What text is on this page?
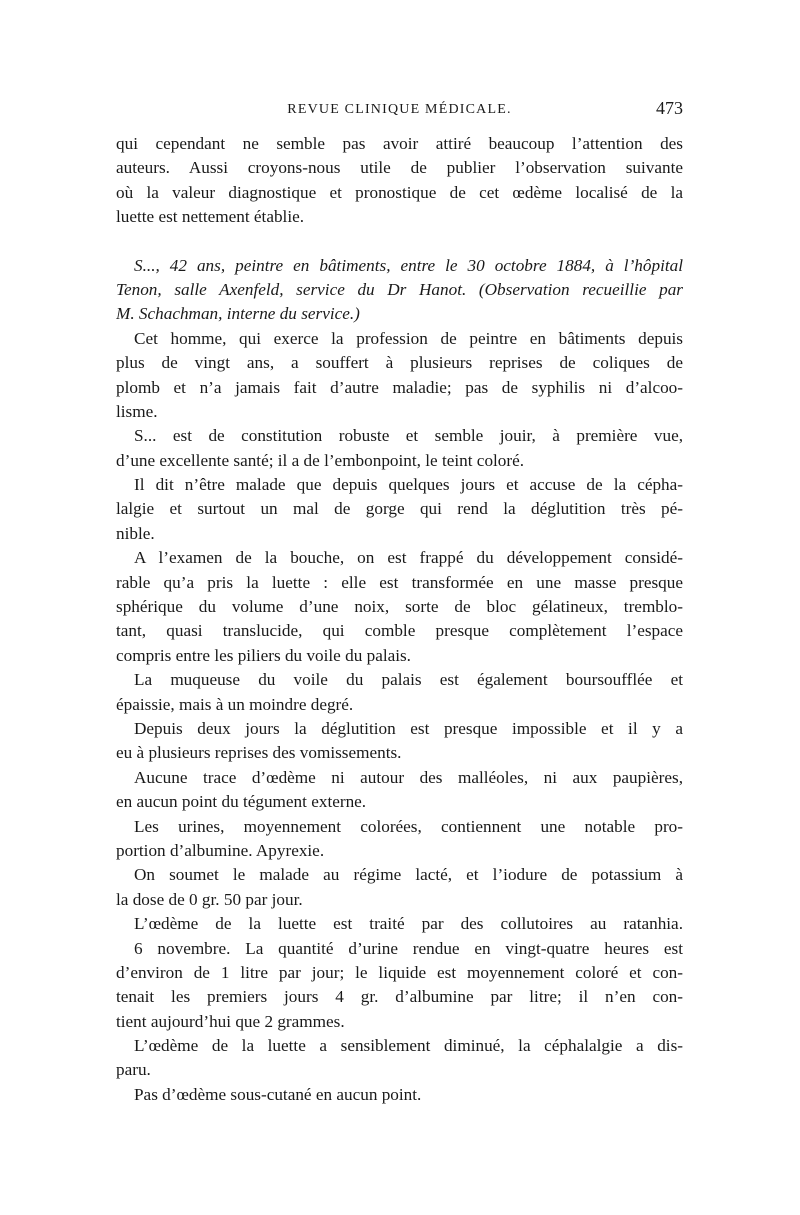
REVUE CLINIQUE MÉDICALE.	473
qui cependant ne semble pas avoir attiré beaucoup l’attention des
auteurs. Aussi croyons-nous utile de publier l’observation suivante
où la valeur diagnostique et pronostique de cet œdème localisé de la
luette est nettement établie.
S..., 42 ans, peintre en bâtiments, entre le 30 octobre 1884, à l’hôpital
Tenon, salle Axenfeld, service du Dr Hanot. (Observation recueillie par
M. Schachman, interne du service.)
Cet homme, qui exerce la profession de peintre en bâtiments depuis
plus de vingt ans, a souffert à plusieurs reprises de coliques de
plomb et n’a jamais fait d’autre maladie; pas de syphilis ni d’alcoo-
lisme.
S... est de constitution robuste et semble jouir, à première vue,
d’une excellente santé; il a de l’embonpoint, le teint coloré.
Il dit n’être malade que depuis quelques jours et accuse de la cépha-
lalgie et surtout un mal de gorge qui rend la déglutition très pé-
nible.
A l’examen de la bouche, on est frappé du développement considé-
rable qu’a pris la luette : elle est transformée en une masse presque
sphérique du volume d’une noix, sorte de bloc gélatineux, tremblo-
tant, quasi translucide, qui comble presque complètement l’espace
compris entre les piliers du voile du palais.
La muqueuse du voile du palais est également boursoufflée et
épaissie, mais à un moindre degré.
Depuis deux jours la déglutition est presque impossible et il y a
eu à plusieurs reprises des vomissements.
Aucune trace d’œdème ni autour des malléoles, ni aux paupières,
en aucun point du tégument externe.
Les urines, moyennement colorées, contiennent une notable pro-
portion d’albumine. Apyrexie.
On soumet le malade au régime lacté, et l’iodure de potassium à
la dose de 0 gr. 50 par jour.
L’œdème de la luette est traité par des collutoires au ratanhia.
6 novembre. La quantité d’urine rendue en vingt-quatre heures est
d’environ de 1 litre par jour; le liquide est moyennement coloré et con-
tenait les premiers jours 4 gr. d’albumine par litre; il n’en con-
tient aujourd’hui que 2 grammes.
L’œdème de la luette a sensiblement diminué, la céphalalgie a dis-
paru.
Pas d’œdème sous-cutané en aucun point.
